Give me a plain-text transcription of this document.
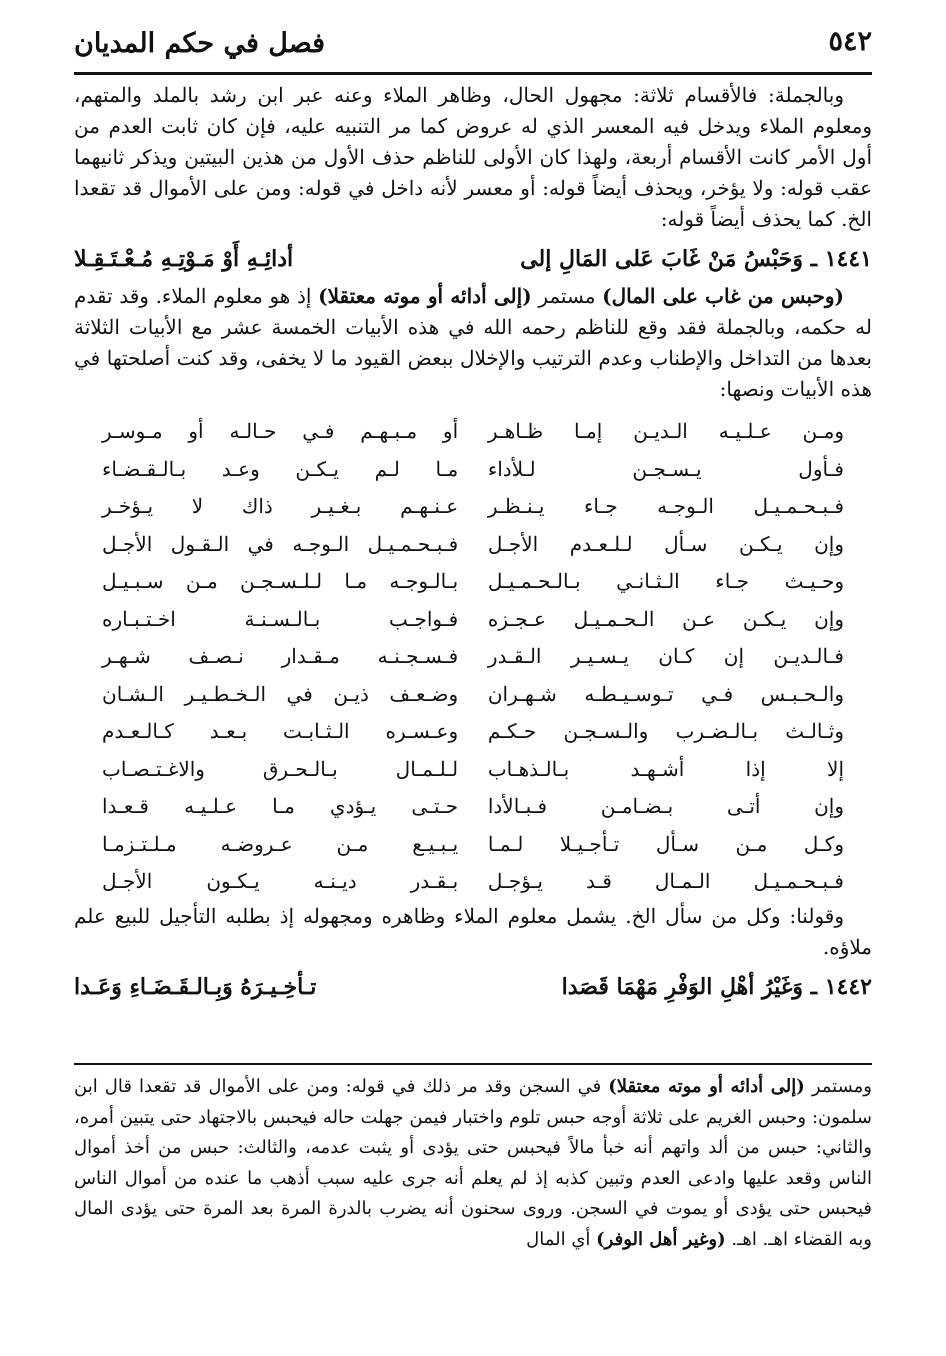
فصل في حكم المديان	٥٤٢

وبالجملة: فالأقسام ثلاثة: مجهول الحال، وظاهر الملاء وعنه عبر ابن رشد بالملد والمتهم، ومعلوم الملاء ويدخل فيه المعسر الذي له عروض كما مر التنبيه عليه، فإن كان ثابت العدم من أول الأمر كانت الأقسام أربعة، ولهذا كان الأولى للناظم حذف الأول من هذين البيتين ويذكر ثانيهما عقب قوله: ولا يؤخر، ويحذف أيضاً قوله: أو معسر لأنه داخل في قوله: ومن على الأموال قد تقعدا الخ. كما يحذف أيضاً قوله:

١٤٤١ ـ وَحَبْسُ مَنْ غَابَ عَلى المَالِ إلى
أدائِـهِ أَوْ مَـوْتِـهِ مُـعْـتَـقِـلا

(وحبس من غاب على المال) مستمر (إلى أدائه أو موته معتقلا) إذ هو معلوم الملاء. وقد تقدم له حكمه، وبالجملة فقد وقع للناظم رحمه الله في هذه الأبيات الخمسة عشر مع الأبيات الثلاثة بعدها من التداخل والإطناب وعدم الترتيب والإخلال ببعض القيود ما لا يخفى، وقد كنت أصلحتها في هذه الأبيات ونصها:

ومـن عـلـيـه الـديـن إمـا ظـاهـر
أو مـبـهـم فـي حـالـه أو مـوسـر
فـأول يـسـجـن لـلأداء
مـا لـم يـكـن وعـد بـالـقـضـاء
فـبـحـمـيـل الـوجـه جـاء يـنـظـر
عـنـهـم بـغـيـر ذاك لا يـؤخـر
وإن يـكـن سـأل لـلـعـدم الأجـل
فـبـحـمـيـل الـوجـه في الـقـول الأجـل
وحـيـث جـاء الـثـانـي بـالـحـمـيـل
بـالـوجـه مـا لـلـسـجـن مـن سـبـيـل
وإن يـكـن عـن الـحـمـيـل عـجـزه
فـواجـب بـالـسـنـة اخـتـبـاره
فـالـديـن إن كـان يـسـيـر الـقـدر
فـسـجـنـه مـقـدار نـصـف شـهـر
والـحـبـس فـي تـوسـيـطـه شـهـران
وضـعـف ذيـن في الـخـطـيـر الـشـان
وثـالـث بـالـضـرب والـسـجـن حـكـم
وعـسـره الـثـابـت بـعـد كـالـعـدم
إلا إذا أشـهـد بـالـذهـاب
لـلـمـال بـالـحـرق والاغـتـصـاب
وإن أتـى بـضـامـن فـبـالأدا
حـتـى يـؤدي مـا عـلـيـه قـعـدا
وكـل مـن سـأل تـأجـيـلا لـمـا
يـبـيـع مـن عـروضـه مـلـتـزمـا
فـبـحـمـيـل الـمـال قـد يـؤجـل
بـقـدر ديـنـه يـكـون الأجـل

وقولنا: وكل من سأل الخ. يشمل معلوم الملاء وظاهره ومجهوله إذ بطلبه التأجيل للبيع علم ملاؤه.

١٤٤٢ ـ وَغَيْرُ أهْلِ الوَفْرِ مَهْمَا قَصَدا
تـأخِـيـرَهُ وَبِـالـقَـضَـاءِ وَعَـدا

ومستمر (إلى أدائه أو موته معتقلا) في السجن وقد مر ذلك في قوله: ومن على الأموال قد تقعدا قال ابن سلمون: وحبس الغريم على ثلاثة أوجه حبس تلوم واختبار فيمن جهلت حاله فيحبس بالاجتهاد حتى يتبين أمره، والثاني: حبس من ألد واتهم أنه خبأ مالاً فيحبس حتى يؤدى أو يثبت عدمه، والثالث: حبس من أخذ أموال الناس وقعد عليها وادعى العدم وتبين كذبه إذ لم يعلم أنه جرى عليه سبب أذهب ما عنده من أموال الناس فيحبس حتى يؤدى أو يموت في السجن. وروى سحنون أنه يضرب بالدرة المرة بعد المرة حتى يؤدى المال وبه القضاء اهـ. اهـ. (وغير أهل الوفر) أي المال
